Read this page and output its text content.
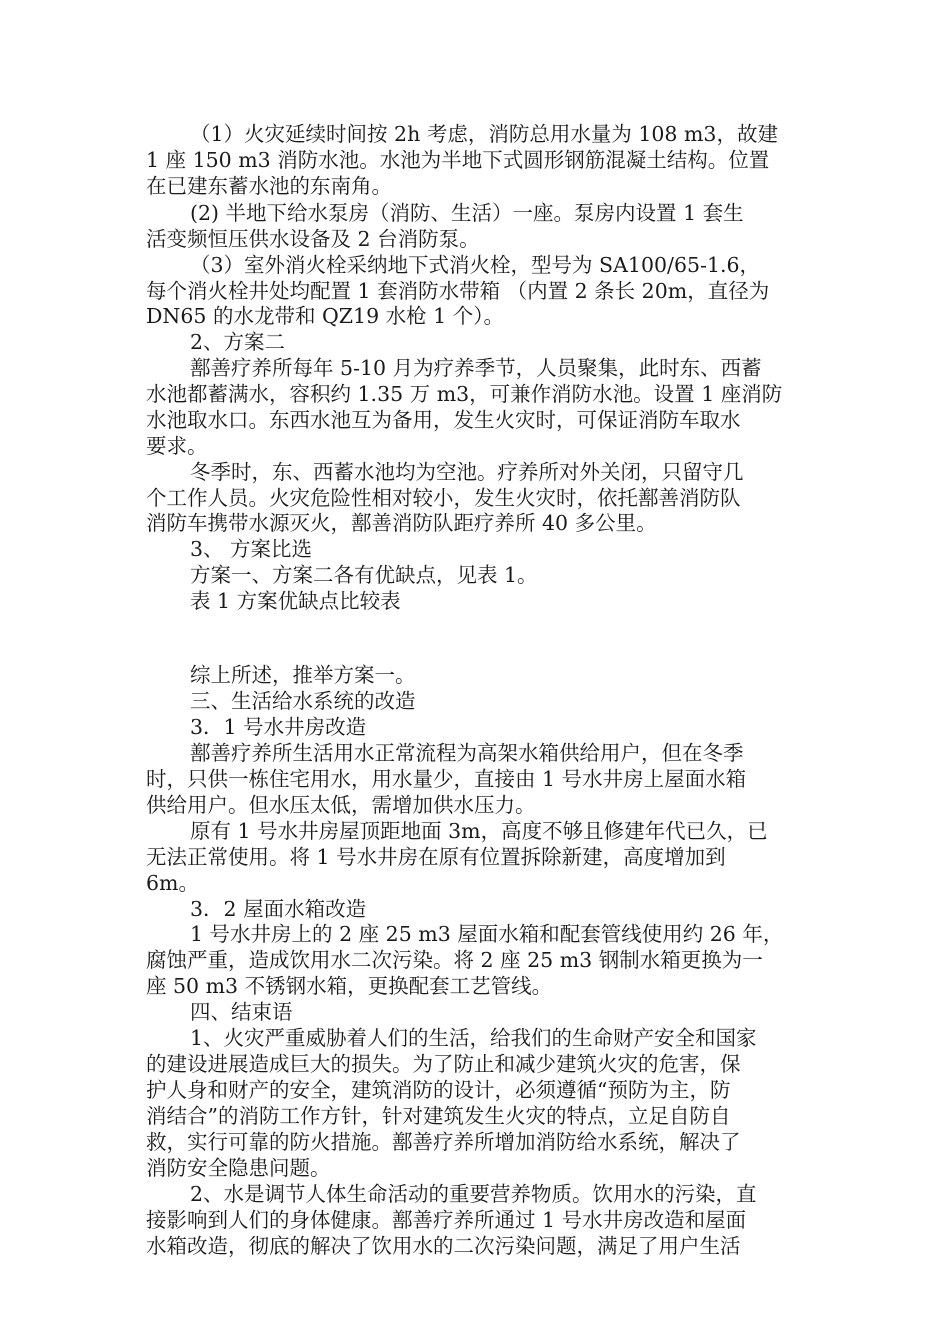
（1）火灾延续时间按 2h 考虑，消防总用水量为 108 m3，故建
1 座 150 m3 消防水池。水池为半地下式圆形钢筋混凝土结构。位置
在已建东蓄水池的东南角。
(2) 半地下给水泵房（消防、生活）一座。泵房内设置 1 套生
活变频恒压供水设备及 2 台消防泵。
（3）室外消火栓采纳地下式消火栓，型号为 SA100/65-1.6，
每个消火栓井处均配置 1 套消防水带箱 （内置 2 条长 20m，直径为
DN65 的水龙带和 QZ19 水枪 1 个）。
2、方案二
鄯善疗养所每年 5-10 月为疗养季节，人员聚集，此时东、西蓄
水池都蓄满水，容积约 1.35 万 m3，可兼作消防水池。设置 1 座消防
水池取水口。东西水池互为备用，发生火灾时，可保证消防车取水
要求。
冬季时，东、西蓄水池均为空池。疗养所对外关闭，只留守几
个工作人员。火灾危险性相对较小，发生火灾时，依托鄯善消防队
消防车携带水源灭火，鄯善消防队距疗养所 40 多公里。
3、 方案比选
方案一、方案二各有优缺点，见表 1。
表 1 方案优缺点比较表
综上所述，推举方案一。
三、生活给水系统的改造
3．1 号水井房改造
鄯善疗养所生活用水正常流程为高架水箱供给用户，但在冬季
时，只供一栋住宅用水，用水量少，直接由 1 号水井房上屋面水箱
供给用户。但水压太低，需增加供水压力。
原有 1 号水井房屋顶距地面 3m，高度不够且修建年代已久，已
无法正常使用。将 1 号水井房在原有位置拆除新建，高度增加到
6m。
3．2 屋面水箱改造
1 号水井房上的 2 座 25 m3 屋面水箱和配套管线使用约 26 年，
腐蚀严重，造成饮用水二次污染。将 2 座 25 m3 钢制水箱更换为一
座 50 m3 不锈钢水箱，更换配套工艺管线。
四、结束语
1、火灾严重威胁着人们的生活，给我们的生命财产安全和国家
的建设进展造成巨大的损失。为了防止和减少建筑火灾的危害，保
护人身和财产的安全，建筑消防的设计，必须遵循“预防为主，防
消结合”的消防工作方针，针对建筑发生火灾的特点，立足自防自
救，实行可靠的防火措施。鄯善疗养所增加消防给水系统，解决了
消防安全隐患问题。
2、水是调节人体生命活动的重要营养物质。饮用水的污染，直
接影响到人们的身体健康。鄯善疗养所通过 1 号水井房改造和屋面
水箱改造，彻底的解决了饮用水的二次污染问题，满足了用户生活
